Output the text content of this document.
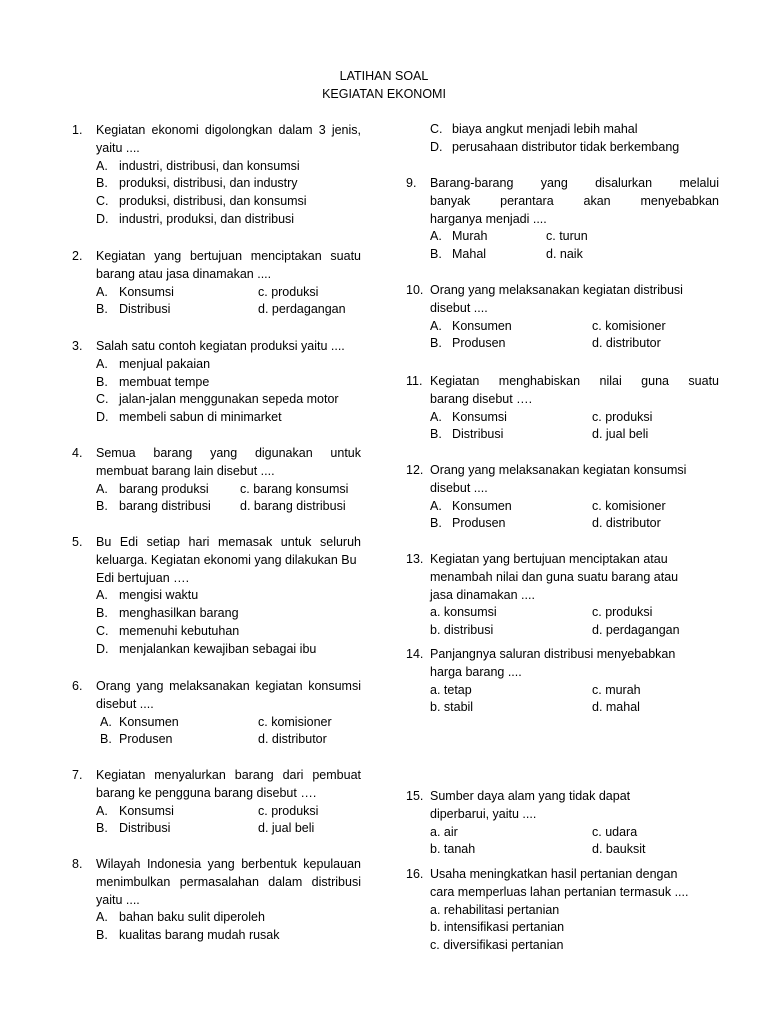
LATIHAN SOAL
KEGIATAN EKONOMI
1. Kegiatan ekonomi digolongkan dalam 3 jenis,
yaitu ....
A. industri, distribusi, dan konsumsi
B. produksi, distribusi, dan industry
C. produksi, distribusi, dan konsumsi
D. industri, produksi, dan distribusi
2. Kegiatan yang bertujuan menciptakan suatu
barang atau jasa dinamakan ....
A. Konsumsi	c. produksi
B. Distribusi	d. perdagangan
3. Salah satu contoh kegiatan produksi yaitu ....
A. menjual pakaian
B. membuat tempe
C. jalan-jalan menggunakan sepeda motor
D. membeli sabun di minimarket
4. Semua barang yang digunakan untuk
membuat barang lain disebut ....
A. barang produksi	c. barang konsumsi
B. barang distribusi d. barang distribusi
5. Bu Edi setiap hari memasak untuk seluruh
keluarga. Kegiatan ekonomi yang dilakukan Bu
Edi bertujuan ….
A. mengisi waktu
B. menghasilkan barang
C. memenuhi kebutuhan
D. menjalankan kewajiban sebagai ibu
6. Orang yang melaksanakan kegiatan konsumsi
disebut ....
A. Konsumen	c. komisioner
B. Produsen	d. distributor
7. Kegiatan menyalurkan barang dari pembuat
barang ke pengguna barang disebut ….
A. Konsumsi	c. produksi
B. Distribusi	d. jual beli
8. Wilayah Indonesia yang berbentuk kepulauan
menimbulkan permasalahan dalam distribusi
yaitu ....
A. bahan baku sulit diperoleh
B. kualitas barang mudah rusak
C. biaya angkut menjadi lebih mahal
D. perusahaan distributor tidak berkembang
9. Barang-barang yang disalurkan melalui
banyak perantara akan menyebabkan
harganya menjadi ....
A. Murah	c. turun
B. Mahal	d. naik
10. Orang yang melaksanakan kegiatan distribusi
disebut ....
A. Konsumen	c. komisioner
B. Produsen	d. distributor
11. Kegiatan menghabiskan nilai guna suatu
barang disebut ….
A. Konsumsi	c. produksi
B. Distribusi	d. jual beli
12. Orang yang melaksanakan kegiatan konsumsi
disebut ....
A. Konsumen	c. komisioner
B. Produsen	d. distributor
13. Kegiatan yang bertujuan menciptakan atau
menambah nilai dan guna suatu barang atau
jasa dinamakan ....
a. konsumsi	c. produksi
b. distribusi	d. perdagangan
14. Panjangnya saluran distribusi menyebabkan
harga barang ....
a. tetap	c. murah
b. stabil	d. mahal
15. Sumber daya alam yang tidak dapat
diperbarui, yaitu ....
a. air	c. udara
b. tanah	d. bauksit
16. Usaha meningkatkan hasil pertanian dengan
cara memperluas lahan pertanian termasuk ....
a. rehabilitasi pertanian
b. intensifikasi pertanian
c. diversifikasi pertanian
